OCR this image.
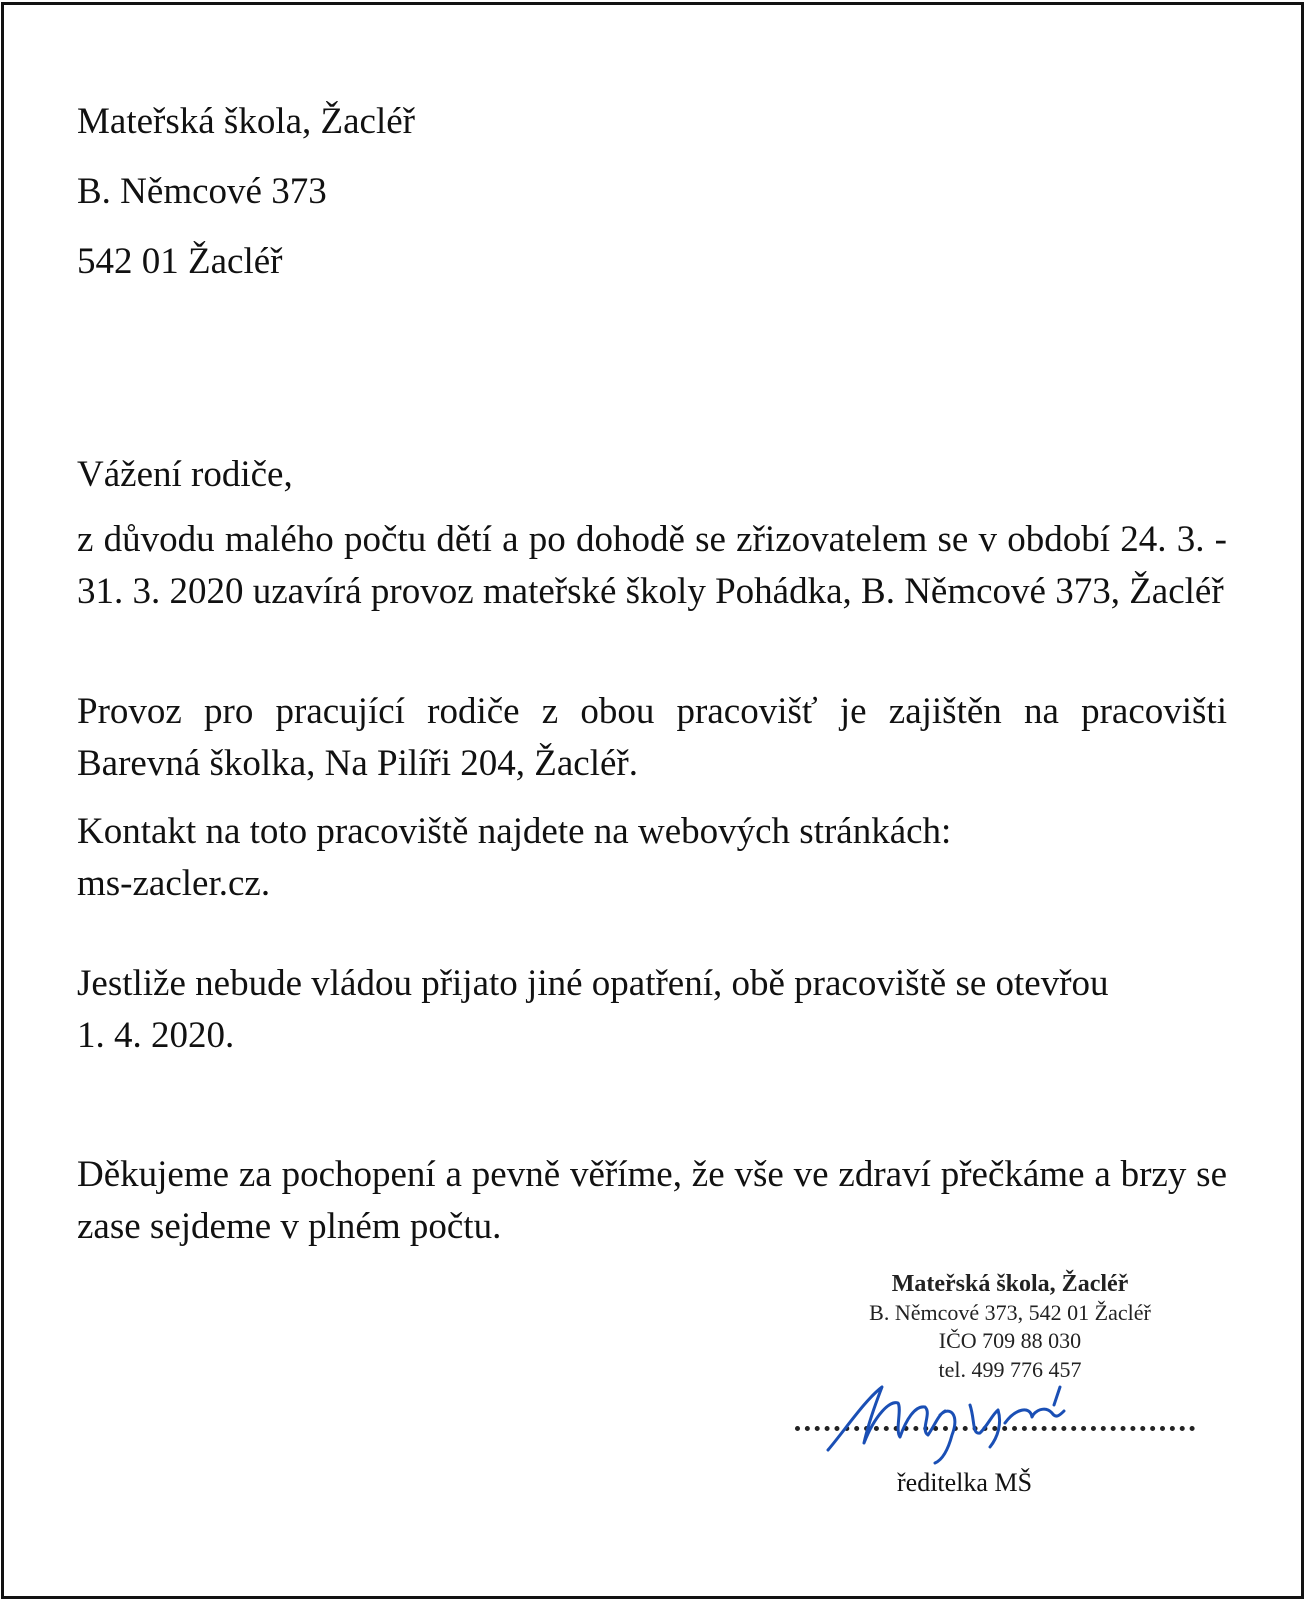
Mateřská škola, Žacléř
B. Němcové 373
542 01 Žacléř
Vážení rodiče,
z důvodu malého počtu dětí a po dohodě se zřizovatelem se v období 24. 3. - 31. 3. 2020 uzavírá provoz mateřské školy Pohádka, B. Němcové 373, Žacléř
Provoz pro pracující rodiče z obou pracovišť je zajištěn na pracovišti Barevná školka, Na Pilíři 204, Žacléř.
Kontakt na toto pracoviště najdete na webových stránkách:
ms-zacler.cz.
Jestliže nebude vládou přijato jiné opatření, obě pracoviště se otevřou
1. 4. 2020.
Děkujeme za pochopení a pevně věříme, že vše ve zdraví přečkáme a brzy se zase sejdeme v plném počtu.
Mateřská škola, Žacléř
B. Němcové 373, 542 01 Žacléř
IČO 709 88 030
tel. 499 776 457
ředitelka MŠ
